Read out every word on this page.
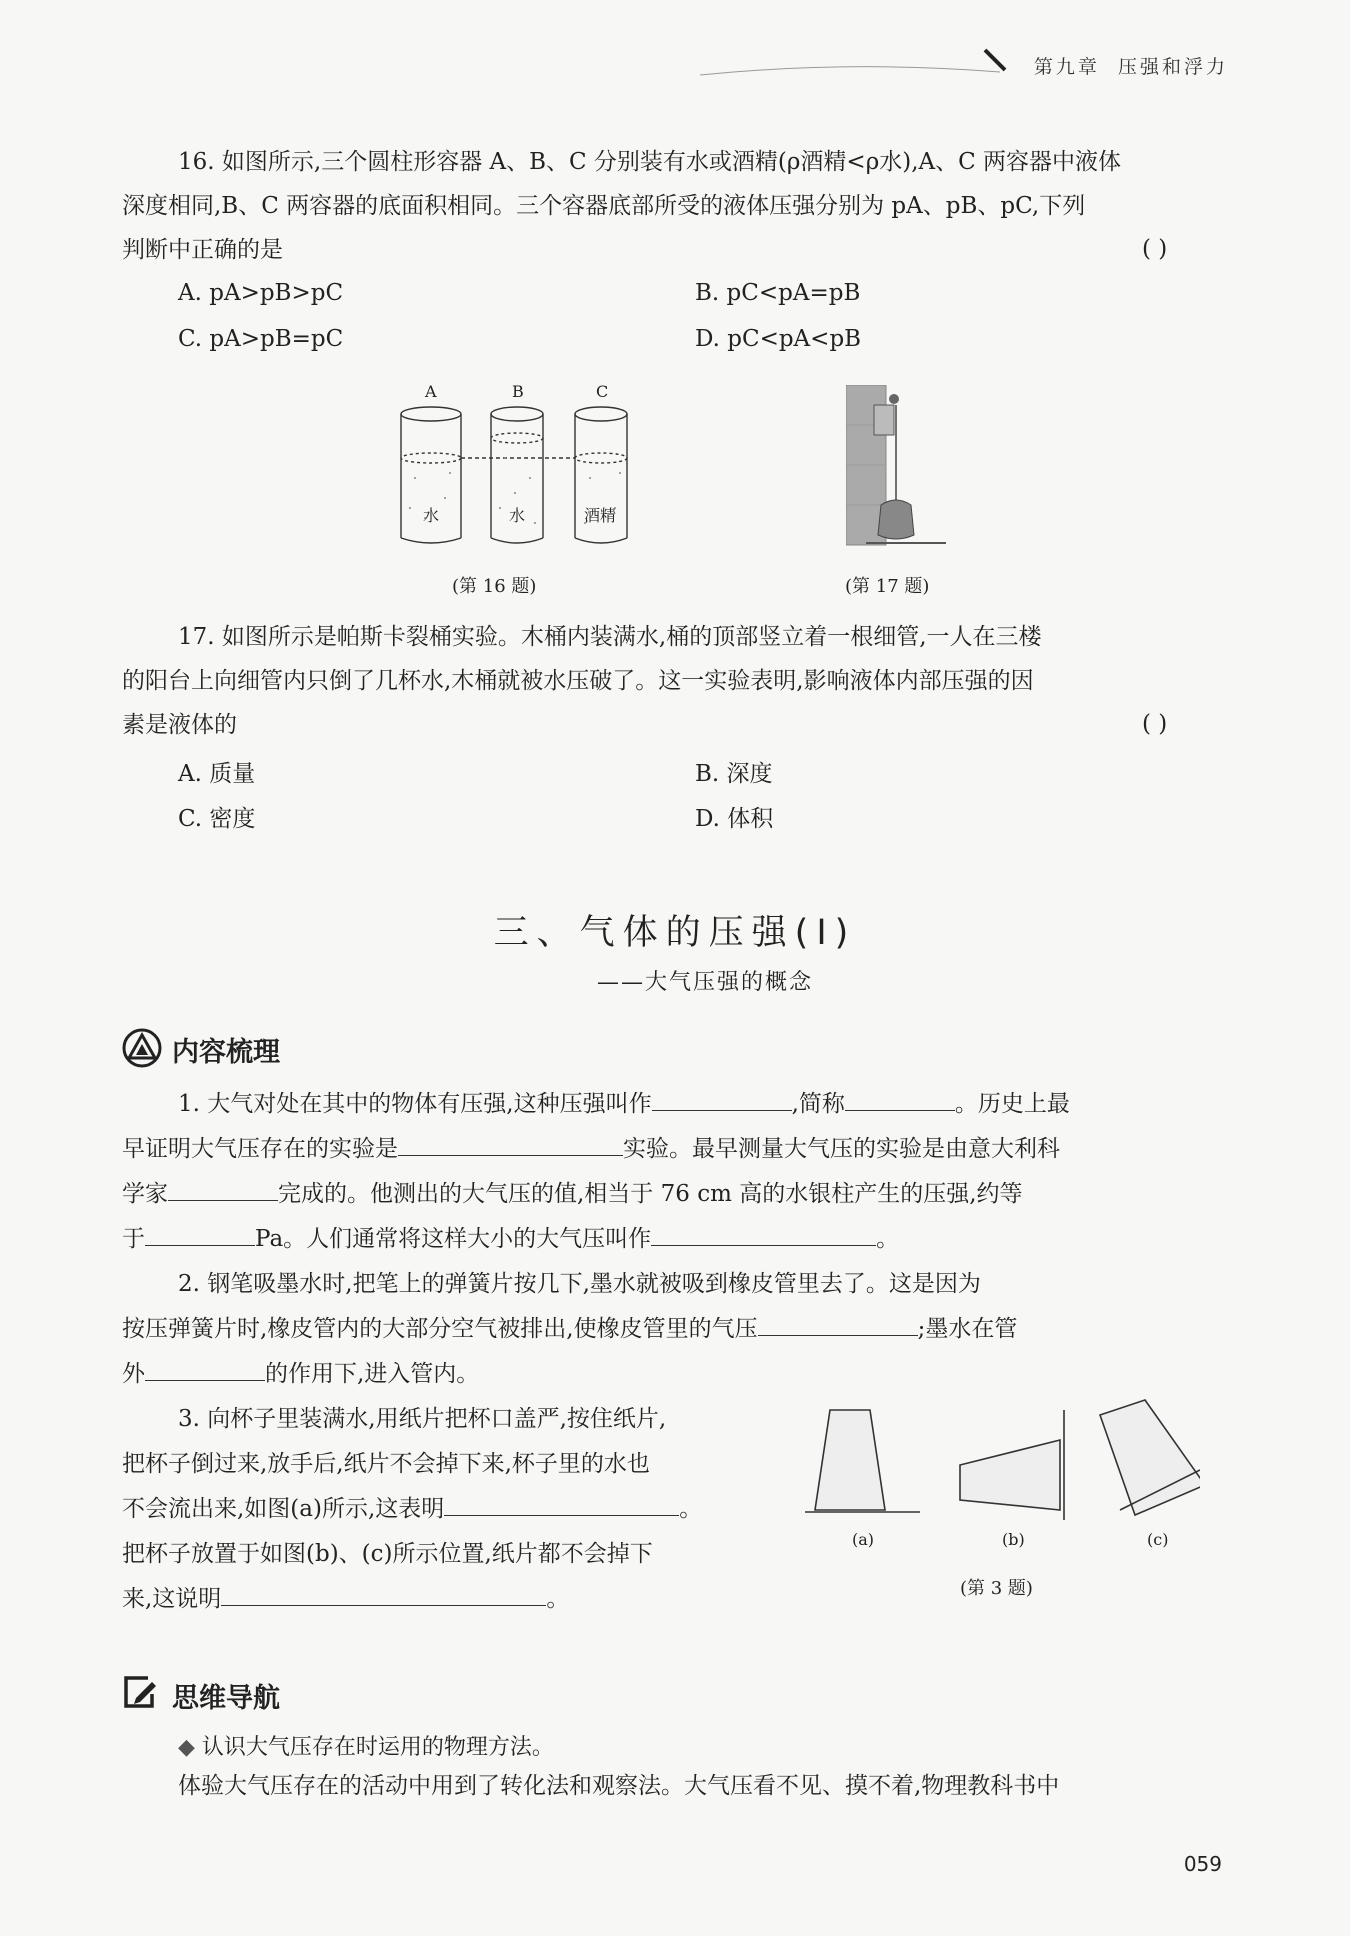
第九章 压强和浮力

16. 如图所示,三个圆柱形容器 A、B、C 分别装有水或酒精(ρ酒精<ρ水),A、C 两容器中液体

深度相同,B、C 两容器的底面积相同。三个容器底部所受的液体压强分别为 pA、pB、pC,下列

判断中正确的是	( )
A. pA>pB>pC	B. pC<pA=pB
C. pA>pB=pC	D. pC<pA<pB
A	B	C
水	水	酒精
(第 16 题)	(第 17 题)

17. 如图所示是帕斯卡裂桶实验。木桶内装满水,桶的顶部竖立着一根细管,一人在三楼

的阳台上向细管内只倒了几杯水,木桶就被水压破了。这一实验表明,影响液体内部压强的因

素是液体的	( )
A. 质量	B. 深度
C. 密度	D. 体积
三、气体的压强(Ⅰ)
——大气压强的概念
内容梳理

1. 大气对处在其中的物体有压强,这种压强叫作	,简称	。历史上最

早证明大气压存在的实验是	实验。最早测量大气压的实验是由意大利科

学家	完成的。他测出的大气压的值,相当于 76 cm 高的水银柱产生的压强,约等

于	Pa。人们通常将这样大小的大气压叫作	。

2. 钢笔吸墨水时,把笔上的弹簧片按几下,墨水就被吸到橡皮管里去了。这是因为

按压弹簧片时,橡皮管内的大部分空气被排出,使橡皮管里的气压	;墨水在管

外	的作用下,进入管内。

3. 向杯子里装满水,用纸片把杯口盖严,按住纸片,

把杯子倒过来,放手后,纸片不会掉下来,杯子里的水也

不会流出来,如图(a)所示,这表明	。

把杯子放置于如图(b)、(c)所示位置,纸片都不会掉下

来,这说明	。

(a)	(b)	(c)
(第 3 题)
思维导航
◆ 认识大气压存在时运用的物理方法。

体验大气压存在的活动中用到了转化法和观察法。大气压看不见、摸不着,物理教科书中

059
